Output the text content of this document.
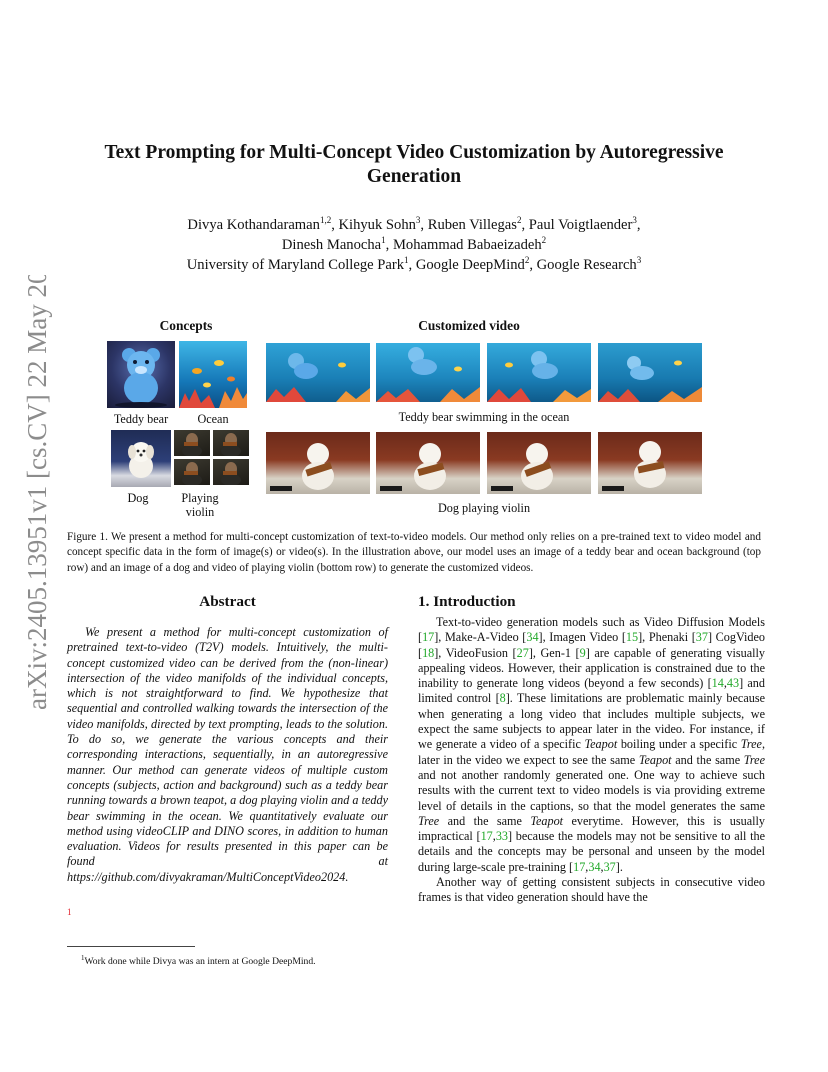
arXiv:2405.13951v1 [cs.CV] 22 May 2024
Text Prompting for Multi-Concept Video Customization by Autoregressive
Generation
Divya Kothandaraman$^{1,2}$, Kihyuk Sohn$^3$, Ruben Villegas$^2$, Paul Voigtlaender$^3$,
Dinesh Manocha$^1$, Mohammad Babaeizadeh$^2$
University of Maryland College Park$^1$, Google DeepMind$^2$, Google Research$^3$
Concepts	Customized video
Teddy bear	Ocean
Dog	Playing
violin
Teddy bear swimming in the ocean
Dog playing violin
Figure 1. We present a method for multi-concept customization of text-to-video models. Our method only relies on a pre-trained text to video model and concept specific data in the form of image(s) or video(s). In the illustration above, our model uses an image of a teddy bear and ocean background (top row) and an image of a dog and video of playing violin (bottom row) to generate the customized videos.
Abstract

We present a method for multi-concept customization of pretrained text-to-video (T2V) models. Intuitively, the multi-concept customized video can be derived from the (non-linear) intersection of the video manifolds of the individual concepts, which is not straightforward to find. We hypothesize that sequential and controlled walking towards the intersection of the video manifolds, directed by text prompting, leads to the solution. To do so, we generate the various concepts and their corresponding interactions, sequentially, in an autoregressive manner. Our method can generate videos of multiple custom concepts (subjects, action and background) such as a teddy bear running towards a brown teapot, a dog playing violin and a teddy bear swimming in the ocean. We quantitatively evaluate our method using videoCLIP and DINO scores, in addition to human evaluation. Videos for results presented in this paper can be found at https://github.com/divyakraman/MultiConceptVideo2024.

1
$^1$Work done while Divya was an intern at Google DeepMind.
1. Introduction

Text-to-video generation models such as Video Diffusion Models [17], Make-A-Video [34], Imagen Video [15], Phenaki [37] CogVideo [18], VideoFusion [27], Gen-1 [9] are capable of generating visually appealing videos. However, their application is constrained due to the inability to generate long videos (beyond a few seconds) [14,43] and limited control [8]. These limitations are problematic mainly because when generating a long video that includes multiple subjects, we expect the same subjects to appear later in the video. For instance, if we generate a video of a specific Teapot boiling under a specific Tree, later in the video we expect to see the same Teapot and the same Tree and not another randomly generated one. One way to achieve such results with the current text to video models is via providing extreme level of details in the captions, so that the model generates the same Tree and the same Teapot everytime. However, this is usually impractical [17,33] because the models may not be sensitive to all the details and the concepts may be personal and unseen by the model during large-scale pre-training [17,34,37].

Another way of getting consistent subjects in consecutive video frames is that video generation should have the
